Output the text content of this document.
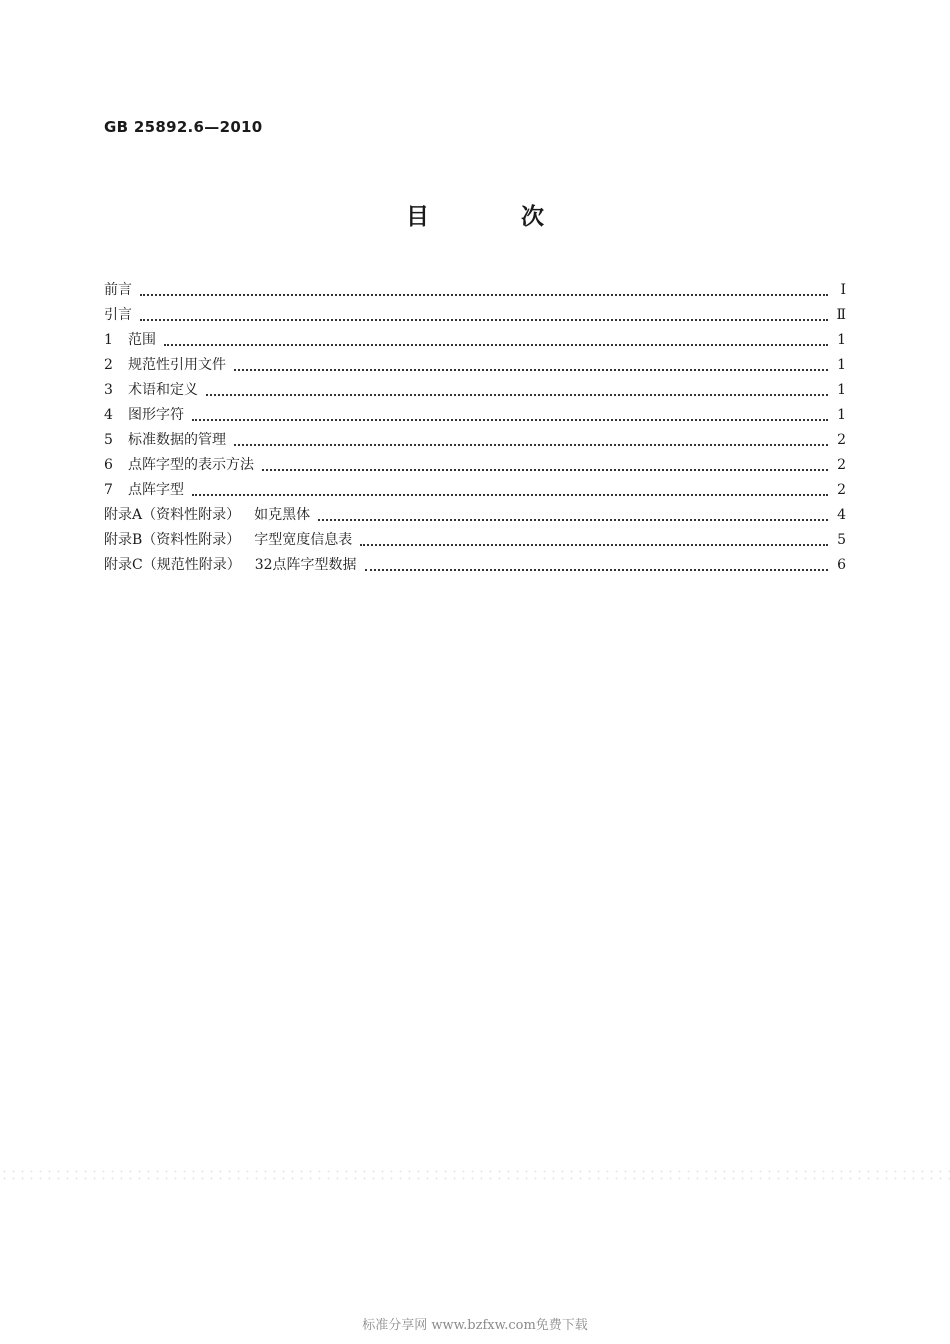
GB 25892.6—2010
目 次
前言	Ⅰ
引言	Ⅱ
1	范围	1
2	规范性引用文件	1
3	术语和定义	1
4	图形字符	1
5	标准数据的管理	2
6	点阵字型的表示方法	2
7	点阵字型	2
附录A（资料性附录） 如克黑体	4
附录B（资料性附录） 字型宽度信息表	5
附录C（规范性附录） 32点阵字型数据	6
标准分享网 www.bzfxw.com免费下载
